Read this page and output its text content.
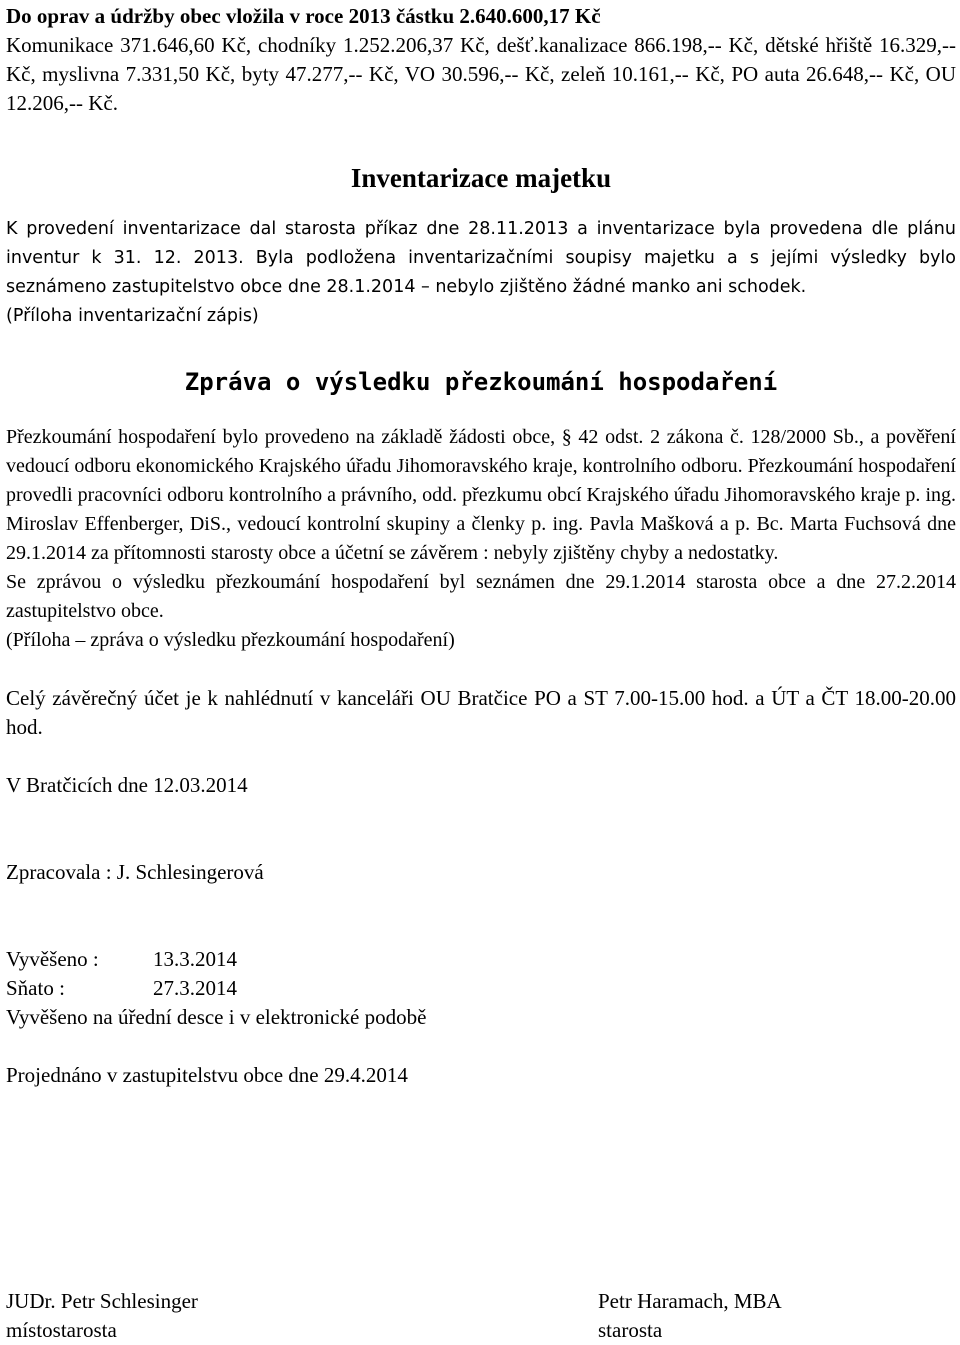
Do oprav a údržby obec vložila v roce 2013 částku 2.640.600,17 Kč

Komunikace 371.646,60 Kč, chodníky 1.252.206,37 Kč, dešť.kanalizace 866.198,-- Kč, dětské hřiště 16.329,-- Kč, myslivna 7.331,50 Kč, byty 47.277,-- Kč, VO 30.596,-- Kč, zeleň 10.161,-- Kč, PO auta 26.648,-- Kč, OU 12.206,-- Kč.

Inventarizace majetku

K provedení inventarizace dal starosta příkaz dne 28.11.2013 a inventarizace byla provedena dle plánu inventur k 31. 12. 2013. Byla podložena inventarizačními soupisy majetku a s jejími výsledky bylo seznámeno zastupitelstvo obce dne 28.1.2014 – nebylo zjištěno žádné manko ani schodek.

(Příloha inventarizační zápis)

Zpráva o výsledku přezkoumání hospodaření

Přezkoumání hospodaření bylo provedeno na základě žádosti obce, § 42 odst. 2 zákona č. 128/2000 Sb., a pověření vedoucí odboru ekonomického Krajského úřadu Jihomoravského kraje, kontrolního odboru. Přezkoumání hospodaření provedli pracovníci odboru kontrolního a právního, odd. přezkumu obcí Krajského úřadu Jihomoravského kraje p. ing. Miroslav Effenberger, DiS., vedoucí kontrolní skupiny a členky p. ing. Pavla Mašková a p. Bc. Marta Fuchsová dne 29.1.2014 za přítomnosti starosty obce a účetní se závěrem : nebyly zjištěny chyby a nedostatky.

Se zprávou o výsledku přezkoumání hospodaření byl seznámen dne 29.1.2014 starosta obce a dne 27.2.2014 zastupitelstvo obce.

(Příloha – zpráva o výsledku přezkoumání hospodaření)

Celý závěrečný účet je k nahlédnutí v kanceláři OU Bratčice PO a ST 7.00-15.00 hod. a ÚT a ČT 18.00-20.00 hod.

V Bratčicích dne 12.03.2014

Zpracovala : J. Schlesingerová

Vyvěšeno :	13.3.2014
Sňato :	27.3.2014

Vyvěšeno na úřední desce i v elektronické podobě

Projednáno v zastupitelstvu obce dne 29.4.2014

JUDr. Petr Schlesinger
místostarosta
Petr Haramach, MBA
starosta
